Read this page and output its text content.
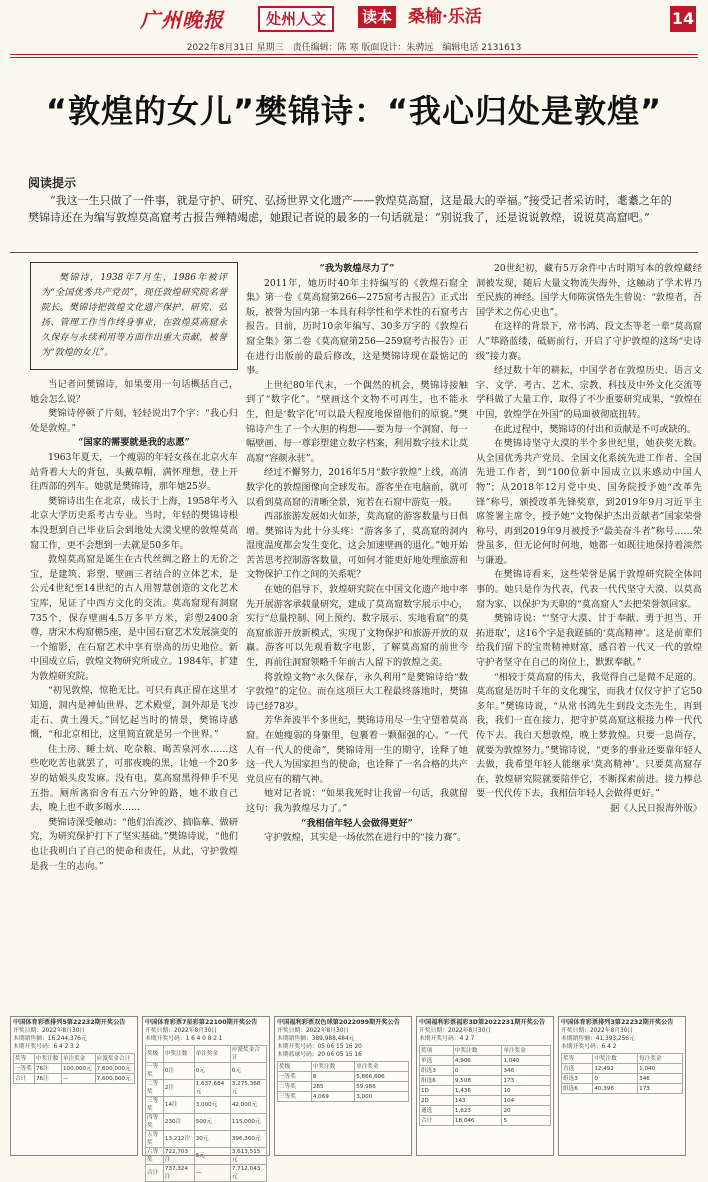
广州晚报	处州人文	读本 桑榆·乐活	14
2022年8月31日 星期三　责任编辑：陈 寒 版面设计：朱骋远　编辑电话 2131613
“敦煌的女儿”樊锦诗：“我心归处是敦煌”
阅读提示
“我这一生只做了一件事，就是守护、研究、弘扬世界文化遗产——敦煌莫高窟，这是最大的幸福。”接受记者采访时，耄耋之年的樊锦诗还在为编写敦煌莫高窟考古报告殚精竭虑，她跟记者说的最多的一句话就是：“别说我了，还是说说敦煌，说说莫高窟吧。”

樊锦诗，1938年7月生，1986年被评为“全国优秀共产党员”，现任敦煌研究院名誉院长。樊锦诗把敦煌文化遗产保护、研究、弘扬、管理工作当作终身事业，在敦煌莫高窟永久保存与永续利用等方面作出重大贡献，被誉为“敦煌的女儿”。

当记者问樊锦诗，如果要用一句话概括自己，她会怎么说？

樊锦诗停顿了片刻，轻轻说出7个字：“我心归处是敦煌。”

“国家的需要就是我的志愿”

1963年夏天，一个瘦弱的年轻女孩在北京火车站背着大大的背包，头戴草帽，满怀理想，登上开往西部的列车。她就是樊锦诗，那年她25岁。

樊锦诗出生在北京，成长于上海，1958年考入北京大学历史系考古专业。当时，年轻的樊锦诗根本没想到自己毕业后会到地处大漠戈壁的敦煌莫高窟工作，更不会想到一去就是50多年。

敦煌莫高窟是诞生在古代丝绸之路上的无价之宝，是建筑、彩塑、壁画三者结合的立体艺术，是公元4世纪至14世纪的古人用智慧创造的文化艺术宝库，见证了中西方文化的交流。莫高窟现有洞窟735个，保存壁画4.5万多平方米，彩塑2400余尊，唐宋木构窟檐5座，是中国石窟艺术发展演变的一个缩影，在石窟艺术中享有崇高的历史地位。新中国成立后，敦煌文物研究所成立。1984年，扩建为敦煌研究院。

“初见敦煌，惊艳无比。可只有真正留在这里才知道，洞内是神仙世界、艺术殿堂，洞外却是飞沙走石、黄土漫天。”回忆起当时的情景，樊锦诗感慨，“和北京相比，这里简直就是另一个世界。”

住土房、睡土炕、吃杂粮、喝苦泉河水……这些吃吃苦也就罢了，可那夜晚的黑，让她一个20多岁的姑娘头皮发麻。没有电，莫高窟黑得伸手不见五指。厕所离宿舍有五六分钟的路，她不敢自己去，晚上也不敢多喝水……

樊锦诗深受触动：“他们治流沙、搞临摹、做研究，为研究保护打下了坚实基础。”樊锦诗说，“他们也让我明白了自己的使命和责任，从此，守护敦煌是我一生的志向。”

“我为敦煌尽力了”

2011年，她历时40年主持编写的《敦煌石窟全集》第一卷《莫高窟第266—275窟考古报告》正式出版，被誉为国内第一本具有科学性和学术性的石窟考古报告。目前，历时10余年编写、30多万字的《敦煌石窟全集》第二卷《莫高窟第256—259窟考古报告》正在进行出版前的最后修改，这是樊锦诗现在最惦记的事。

上世纪80年代末，一个偶然的机会，樊锦诗接触到了“数字化”。“壁画这个文物不可再生，也不能永生，但是‘数字化’可以最大程度地保留他们的原貌。”樊锦诗产生了一个大胆的构想——要为每一个洞窟、每一幅壁画、每一尊彩塑建立数字档案，利用数字技术让莫高窟“容颜永驻”。

经过不懈努力，2016年5月“数字敦煌”上线，高清数字化的敦煌图像向全球发布。游客坐在电脑前，就可以看到莫高窟的清晰全景，宛若在石窟中游览一般。

西部旅游发展如火如荼，莫高窟的游客数量与日俱增。樊锦诗为此十分头疼：“游客多了，莫高窟的洞内湿度温度都会发生变化，这会加速壁画的退化。”她开始苦苦思考控制游客数量，可如何才能更好地处理旅游和文物保护工作之间的关系呢？

在她的倡导下，敦煌研究院在中国文化遗产地中率先开展游客承载量研究，建成了莫高窟数字展示中心，实行“总量控制、网上预约、数字展示、实地看窟”的莫高窟旅游开放新模式，实现了文物保护和旅游开放的双赢。游客可以先观看数字电影，了解莫高窟的前世今生，再前往洞窟领略千年前古人留下的敦煌之美。

将敦煌文物“永久保存，永久利用”是樊锦诗给“数字敦煌”的定位。而在这项巨大工程最终落地时，樊锦诗已经78岁。

芳华奔波半个多世纪，樊锦诗用尽一生守望着莫高窟。在她瘦弱的身躯里，包裹着一颗倔强的心。“一代人有一代人的使命”，樊锦诗用一生的期守，诠释了她这一代人为国家担当的使命，也诠释了一名合格的共产党员应有的精气神。

她对记者说：“如果我死时让我留一句话，我就留这句：我为敦煌尽力了。”

“我相信年轻人会做得更好”

守护敦煌，其实是一场依然在进行中的“接力赛”。

20世纪初，藏有5万余件中古时期写本的敦煌藏经洞被发现，随后大量文物流失海外，这触动了学术界乃至民族的神经。国学大师陈寅恪先生曾说：“敦煌者，吾国学术之伤心史也”。

在这样的背景下，常书鸿、段文杰等老一辈“莫高窟人”筚路蓝缕，砥砺前行，开启了守护敦煌的这场“史诗级”接力赛。

经过数十年的耕耘，中国学者在敦煌历史、语言文字、文学、考古、艺术、宗教、科技及中外文化交流等学科做了大量工作，取得了不少重要研究成果，“敦煌在中国，敦煌学在外国”的局面被彻底扭转。

在此过程中，樊锦诗的付出和贡献是不可或缺的。

在樊锦诗坚守大漠的半个多世纪里，她获奖无数。从全国优秀共产党员、全国文化系统先进工作者、全国先进工作者，到“100位新中国成立以来感动中国人物”；从2018年12月党中央、国务院授予她“改革先锋”称号，颁授改革先锋奖章，到2019年9月习近平主席签署主席令，授予她“文物保护杰出贡献者”国家荣誉称号，再到2019年9月被授予“最美奋斗者”称号……荣誉虽多，但无论何时何地，她都一如既往地保持着淡然与谦逊。

在樊锦诗看来，这些荣誉是属于敦煌研究院全体同事的。她只是作为代表，代表一代代坚守大漠、以莫高窟为家、以保护为天职的“莫高窟人”去把荣誉领回家。

樊锦诗说：“‘坚守大漠、甘于奉献、勇于担当、开拓进取’，这16个字是我蹉插的‘莫高精神’。这是前辈们给我们留下的宝贵精神财富，感召着一代又一代的敦煌守护者坚守在自己的岗位上，默默奉献。”

“相较于莫高窟的伟大，我觉得自己是微不足道的。莫高窟是历时千年的文化瑰宝，而我才仅仅守护了它50多年。”樊锦诗说，“从常书鸿先生到段文杰先生，再到我，我们一直在接力，把守护莫高窟这根接力棒一代代传下去。我白天想敦煌，晚上梦敦煌。只要一息尚存，就要为敦煌努力。”樊锦诗说，“更多的事业还要靠年轻人去做，我希望年轻人能继承‘莫高精神’。只要莫高窟存在，敦煌研究院就要陪伴它，不断探索前进。接力棒总要一代代传下去，我相信年轻人会做得更好。”

据《人民日报海外版》

中国体育彩票排列5第22232期开奖公告
开奖日期：2022年8月30日
本期销售额：16,244,376元
本期开奖号码：6 4 2 3 2
奖等	中奖注数	单注奖金	应派奖金合计
一等奖	76注	100,000元	7,600,000元
合计	76注	—	7,600,000元
中国体育彩票7星彩第22100期开奖公告
开奖日期：2022年8月30日
本期开奖号码：1 6 4 0 8 2 1
奖级	中奖注数	单注奖金	应派奖金合计
一等奖	0注	0元	0元
二等奖	2注	1,637,684元	3,275,368元
三等奖	14注	3,000元	42,000元
四等奖	230注	500元	115,000元
五等奖	13,212注	30元	396,360元
六等奖	722,703注	5元	3,613,515元
合计	737,324注	—	7,712,043元
中国福利彩票双色球第2022099期开奖公告
开奖日期：2022年8月30日
本期销售额：389,988,484元
本期开奖号码：05 06 15 16 20
本期蓝球号码：20 06 05 15 16
奖级	中奖注数	单注奖金
一等奖	8	5,866,606
二等奖	285	59,986
三等奖	4,069	3,000
中国福利彩票福彩3D第2022231期开奖公告
开奖日期：2022年8月30日
本期开奖号码：4 2 7
奖项	中奖注数	单注奖金
单选	4,906	1,040
组选3	0	346
组选6	9,508	173
1D	1,436	10
2D	143	104
通选	1,623	20
合计	18,046	5
中国体育彩票排列3第22232期开奖公告
开奖日期：2022年8月30日
本期销售额：41,393,256元
本期开奖号码：6 4 2
奖等	中奖注数	每注奖金
直选	12,492	1,040
组选3	0	346
组选6	40,396	173
